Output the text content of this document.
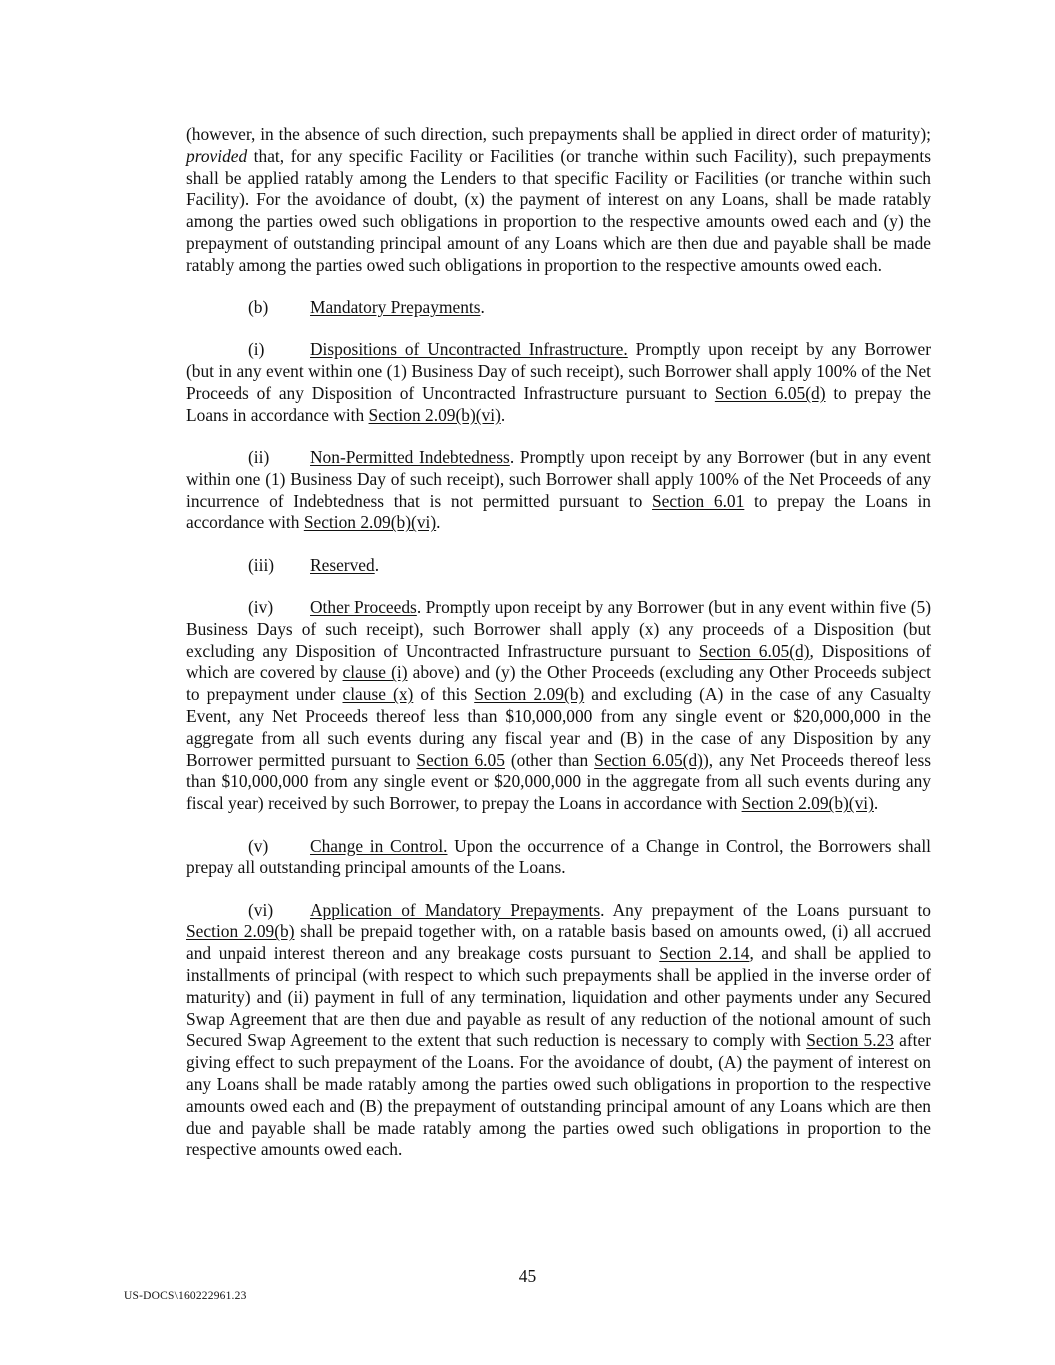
(however, in the absence of such direction, such prepayments shall be applied in direct order of maturity); provided that, for any specific Facility or Facilities (or tranche within such Facility), such prepayments shall be applied ratably among the Lenders to that specific Facility or Facilities (or tranche within such Facility). For the avoidance of doubt, (x) the payment of interest on any Loans, shall be made ratably among the parties owed such obligations in proportion to the respective amounts owed each and (y) the prepayment of outstanding principal amount of any Loans which are then due and payable shall be made ratably among the parties owed such obligations in proportion to the respective amounts owed each.

(b) Mandatory Prepayments.

(i)	Dispositions of Uncontracted Infrastructure. Promptly upon receipt by any Borrower (but in any event within one (1) Business Day of such receipt), such Borrower shall apply 100% of the Net Proceeds of any Disposition of Uncontracted Infrastructure pursuant to Section 6.05(d) to prepay the Loans in accordance with Section 2.09(b)(vi).

(ii) Non-Permitted Indebtedness. Promptly upon receipt by any Borrower (but in any event within one (1) Business Day of such receipt), such Borrower shall apply 100% of the Net Proceeds of any incurrence of Indebtedness that is not permitted pursuant to Section 6.01 to prepay the Loans in accordance with Section 2.09(b)(vi).

(iii) Reserved.

(iv) Other Proceeds. Promptly upon receipt by any Borrower (but in any event within five (5) Business Days of such receipt), such Borrower shall apply (x) any proceeds of a Disposition (but excluding any Disposition of Uncontracted Infrastructure pursuant to Section 6.05(d), Dispositions of which are covered by clause (i) above) and (y) the Other Proceeds (excluding any Other Proceeds subject to prepayment under clause (x) of this Section 2.09(b) and excluding (A) in the case of any Casualty Event, any Net Proceeds thereof less than $10,000,000 from any single event or $20,000,000 in the aggregate from all such events during any fiscal year and (B) in the case of any Disposition by any Borrower permitted pursuant to Section 6.05 (other than Section 6.05(d)), any Net Proceeds thereof less than $10,000,000 from any single event or $20,000,000 in the aggregate from all such events during any fiscal year) received by such Borrower, to prepay the Loans in accordance with Section 2.09(b)(vi).

(v) Change in Control. Upon the occurrence of a Change in Control, the Borrowers shall prepay all outstanding principal amounts of the Loans.

(vi) Application of Mandatory Prepayments. Any prepayment of the Loans pursuant to Section 2.09(b) shall be prepaid together with, on a ratable basis based on amounts owed, (i) all accrued and unpaid interest thereon and any breakage costs pursuant to Section 2.14, and shall be applied to installments of principal (with respect to which such prepayments shall be applied in the inverse order of maturity) and (ii) payment in full of any termination, liquidation and other payments under any Secured Swap Agreement that are then due and payable as result of any reduction of the notional amount of such Secured Swap Agreement to the extent that such reduction is necessary to comply with Section 5.23 after giving effect to such prepayment of the Loans. For the avoidance of doubt, (A) the payment of interest on any Loans shall be made ratably among the parties owed such obligations in proportion to the respective amounts owed each and (B) the prepayment of outstanding principal amount of any Loans which are then due and payable shall be made ratably among the parties owed such obligations in proportion to the respective amounts owed each.

45
US-DOCS\160222961.23
